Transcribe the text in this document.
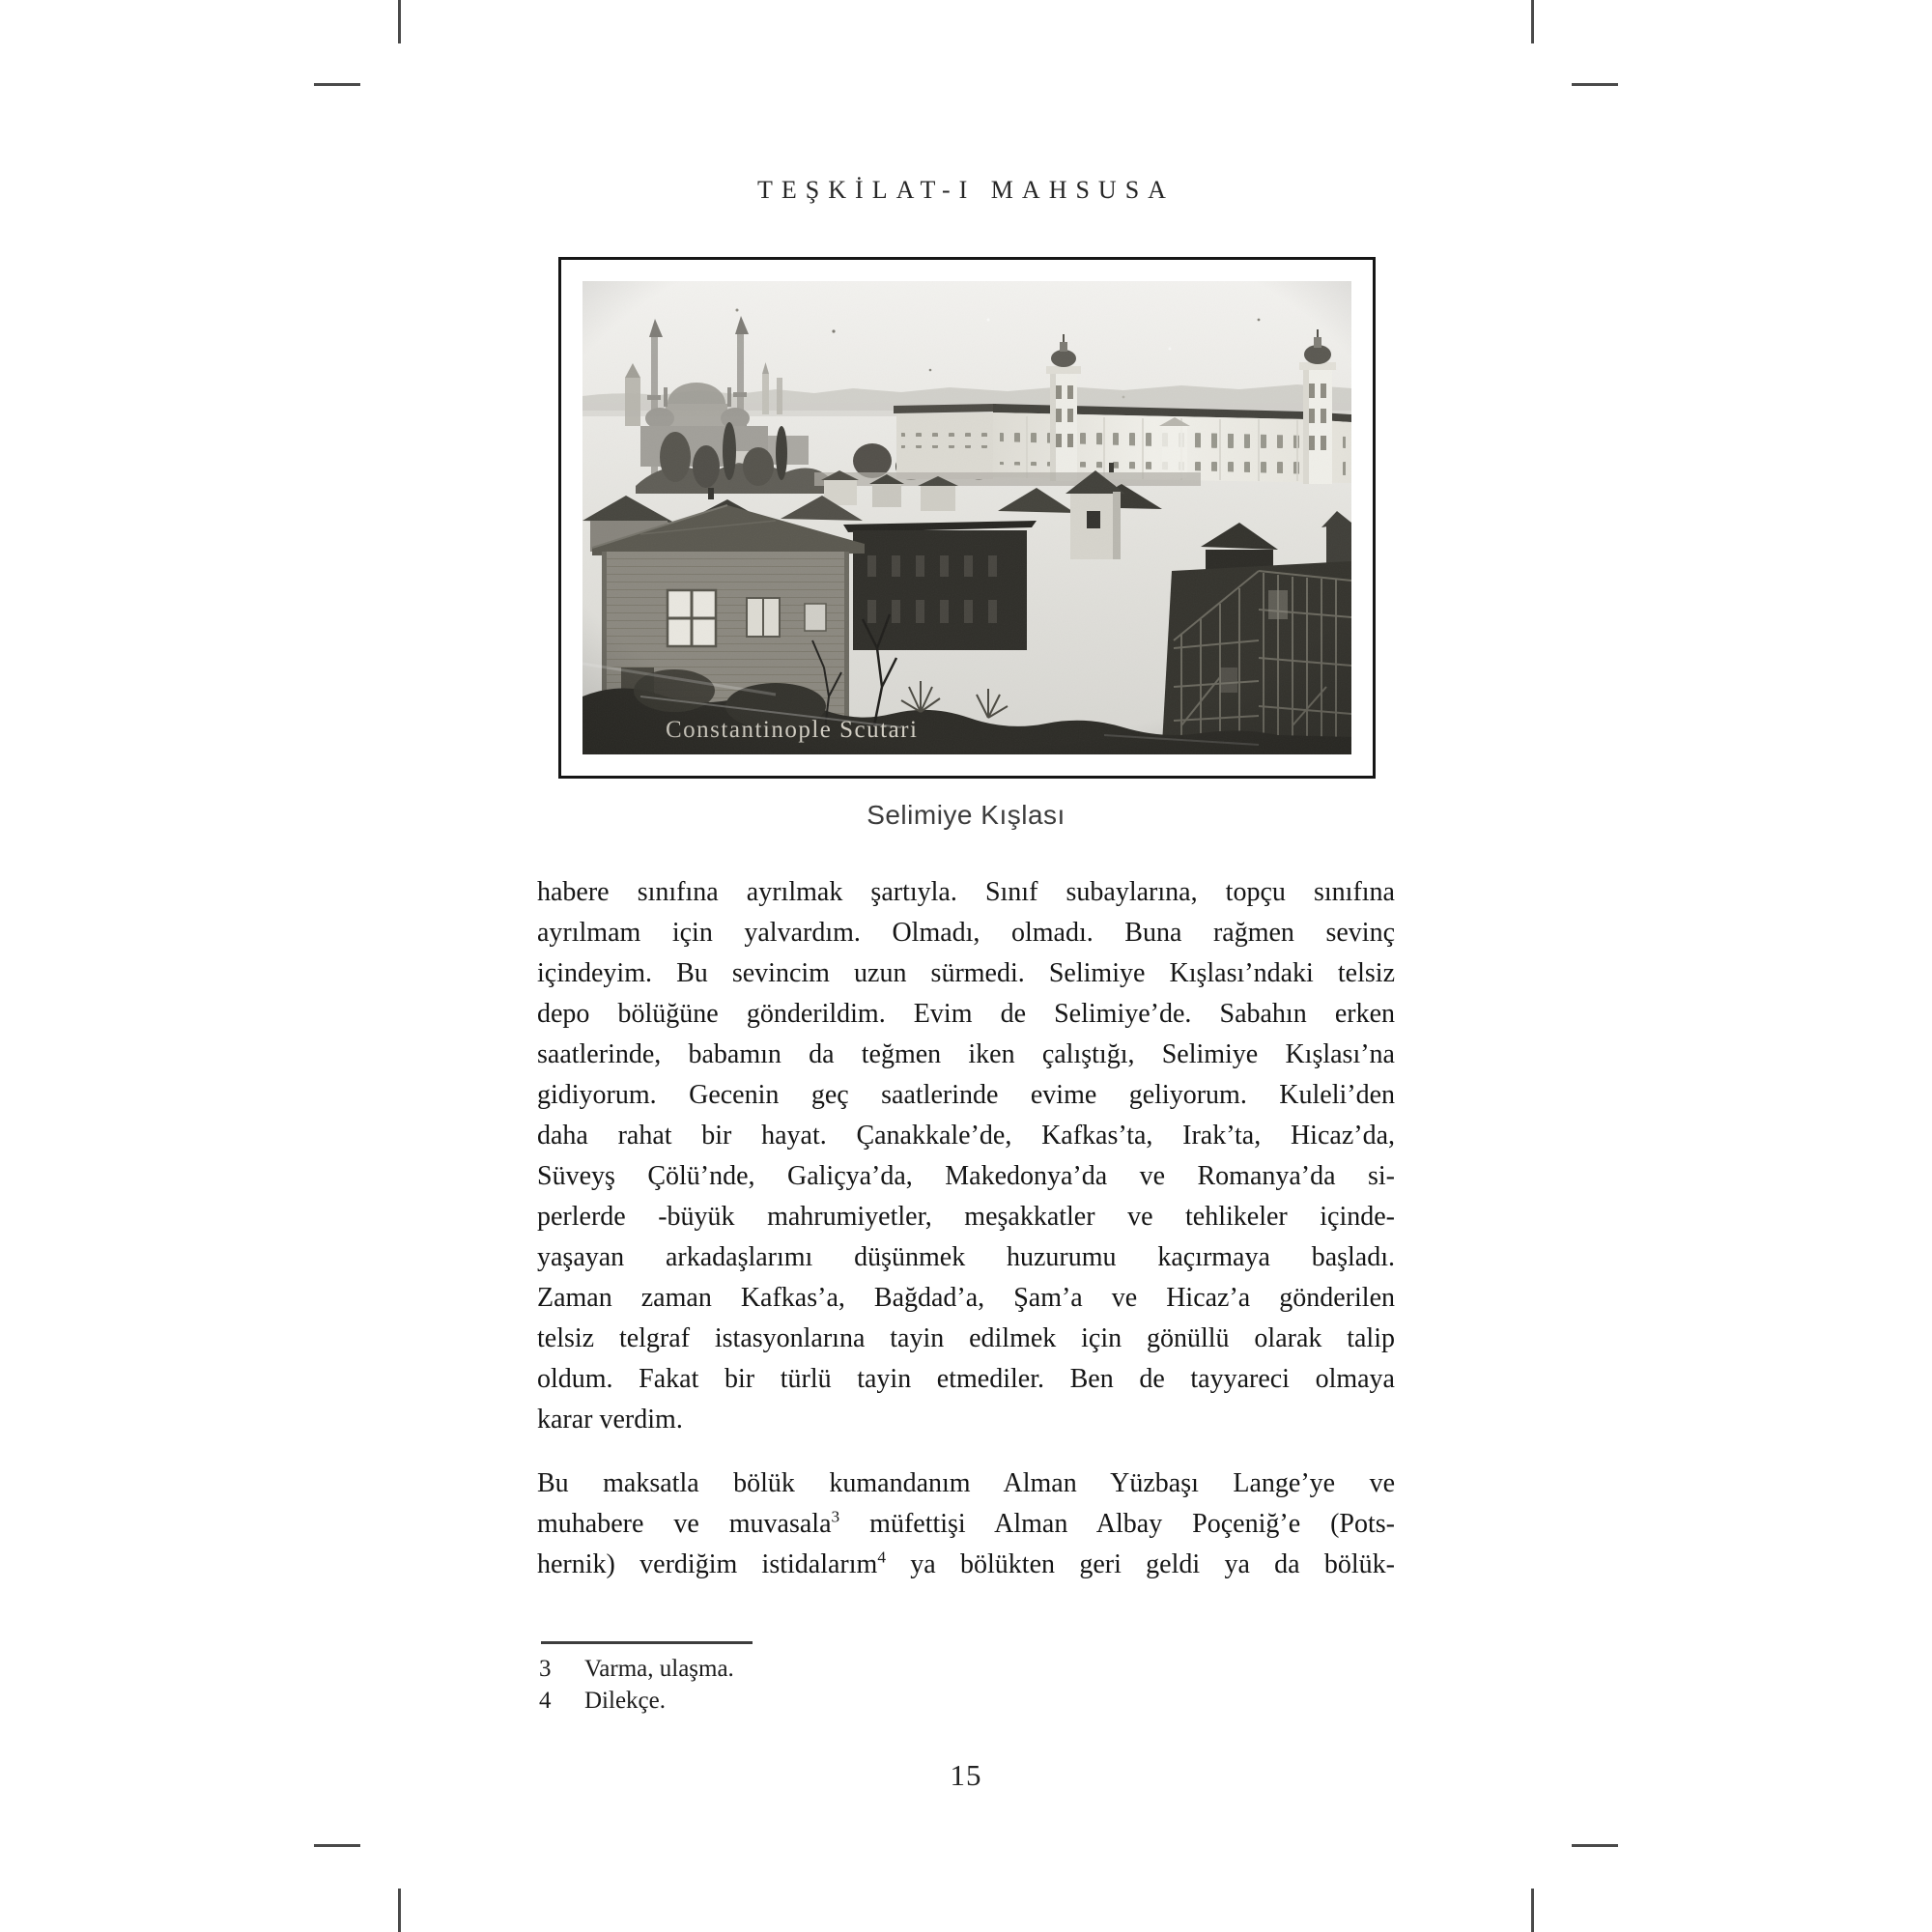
TEŞKİLAT-I MAHSUSA
Selimiye Kışlası
habere sınıfına ayrılmak şartıyla. Sınıf subaylarına, topçu sınıfına
ayrılmam için yalvardım. Olmadı, olmadı. Buna rağmen sevinç
içindeyim. Bu sevincim uzun sürmedi. Selimiye Kışlası’ndaki telsiz
depo bölüğüne gönderildim. Evim de Selimiye’de. Sabahın erken
saatlerinde, babamın da teğmen iken çalıştığı, Selimiye Kışlası’na
gidiyorum. Gecenin geç saatlerinde evime geliyorum. Kuleli’den
daha rahat bir hayat. Çanakkale’de, Kafkas’ta, Irak’ta, Hicaz’da,
Süveyş Çölü’nde, Galiçya’da, Makedonya’da ve Romanya’da si-
perlerde -büyük mahrumiyetler, meşakkatler ve tehlikeler içinde-
yaşayan arkadaşlarımı düşünmek huzurumu kaçırmaya başladı.
Zaman zaman Kafkas’a, Bağdad’a, Şam’a ve Hicaz’a gönderilen
telsiz telgraf istasyonlarına tayin edilmek için gönüllü olarak talip
oldum. Fakat bir türlü tayin etmediler. Ben de tayyareci olmaya
karar verdim.
Bu maksatla bölük kumandanım Alman Yüzbaşı Lange’ye ve
muhabere ve muvasala$^3$ müfettişi Alman Albay Poçeniğ’e (Pots-
hernik) verdiğim istidalarım$^4$ ya bölükten geri geldi ya da bölük-
3	Varma, ulaşma.
4	Dilekçe.
15
